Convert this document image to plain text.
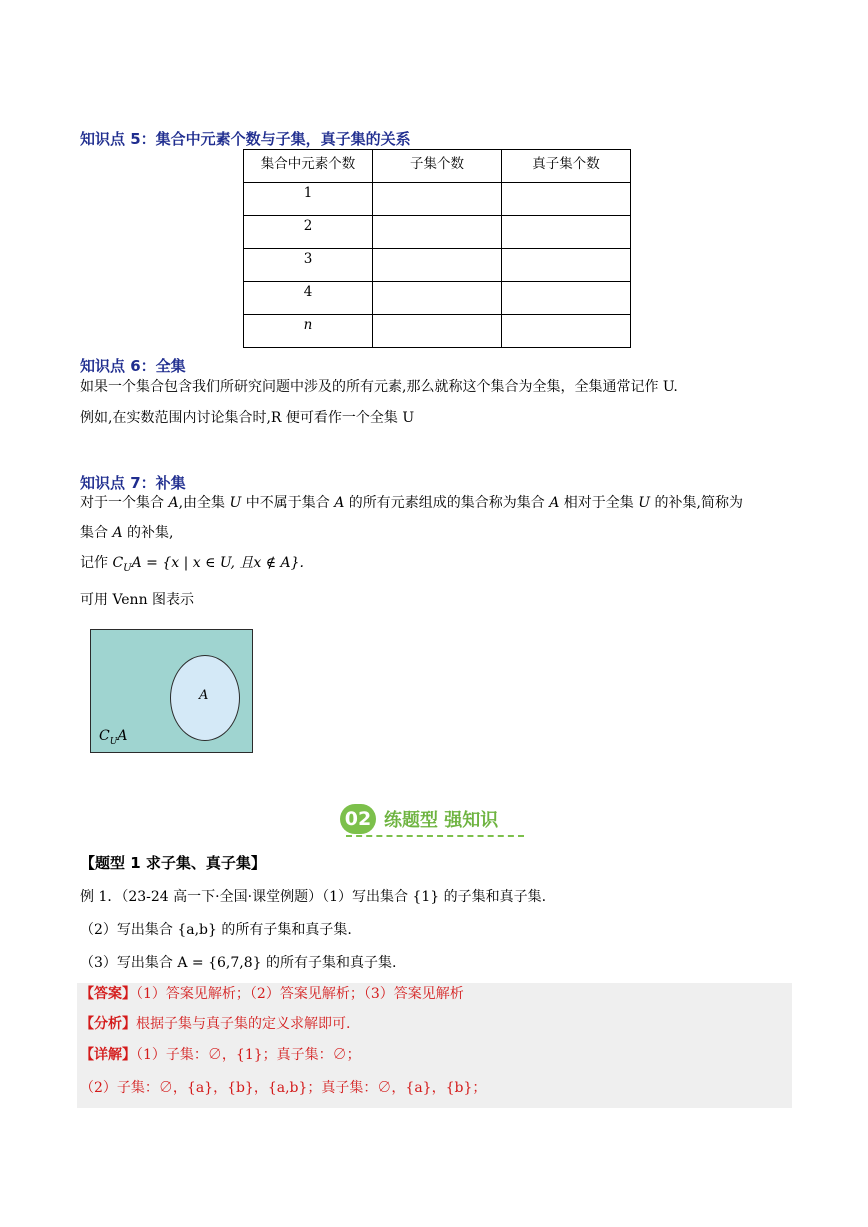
知识点 5：集合中元素个数与子集，真子集的关系
集合中元素个数	子集个数	真子集个数
1		
2		
3		
4		
n		
知识点 6：全集
如果一个集合包含我们所研究问题中涉及的所有元素,那么就称这个集合为全集，全集通常记作 U.
例如,在实数范围内讨论集合时,R 便可看作一个全集 U
知识点 7：补集
对于一个集合 A,由全集 U 中不属于集合 A 的所有元素组成的集合称为集合 A 相对于全集 U 的补集,简称为
集合 A 的补集,
记作 $C_UA = \{x$ | x ∈ U, 且x ∉ A}.
可用 Venn 图表示
A
$C_UA$
02 练题型 强知识
【题型 1 求子集、真子集】
例 1．（23-24 高一下·全国·课堂例题）（1）写出集合 {1} 的子集和真子集.
（2）写出集合 {a,b} 的所有子集和真子集.
（3）写出集合 A = {6,7,8} 的所有子集和真子集.
【答案】（1）答案见解析；（2）答案见解析；（3）答案见解析
【分析】根据子集与真子集的定义求解即可.
【详解】（1）子集：∅，{1}；真子集：∅；
（2）子集：∅，{a}，{b}，{a,b}；真子集：∅，{a}，{b}；
